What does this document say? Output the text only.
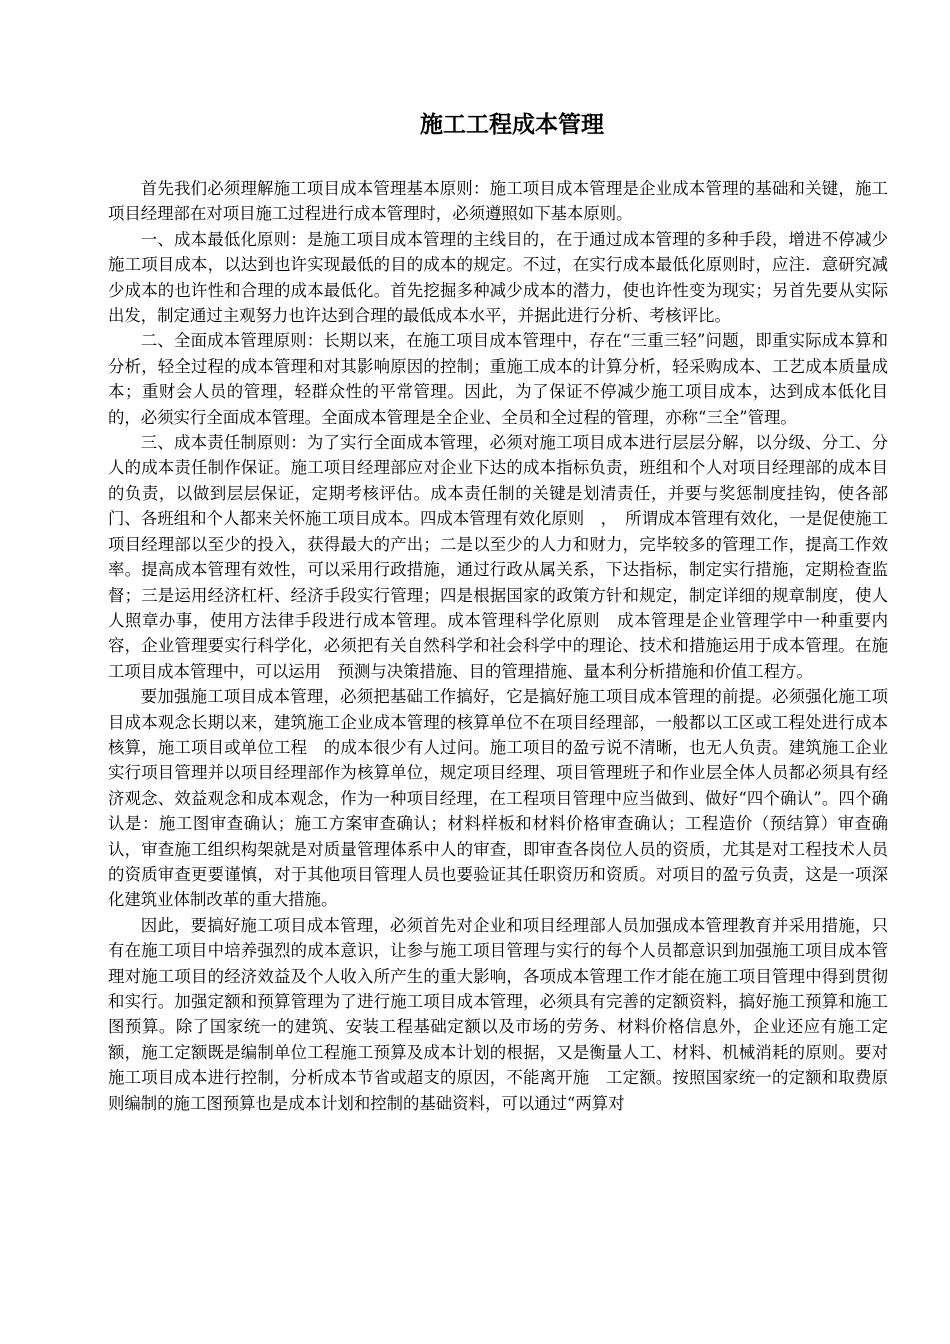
施工工程成本管理

首先我们必须理解施工项目成本管理基本原则：施工项目成本管理是企业成本管理的基础和关键，施工项目经理部在对项目施工过程进行成本管理时，必须遵照如下基本原则。

一、成本最低化原则：是施工项目成本管理的主线目的，在于通过成本管理的多种手段，增进不停减少施工项目成本，以达到也许实现最低的目的成本的规定。不过，在实行成本最低化原则时，应注．意研究减少成本的也许性和合理的成本最低化。首先挖掘多种减少成本的潜力，使也许性变为现实；另首先要从实际出发，制定通过主观努力也许达到合理的最低成本水平，并据此进行分析、考核评比。

二、全面成本管理原则：长期以来，在施工项目成本管理中，存在“三重三轻”问题，即重实际成本算和分析，轻全过程的成本管理和对其影响原因的控制；重施工成本的计算分析，轻采购成本、工艺成本质量成本；重财会人员的管理，轻群众性的平常管理。因此，为了保证不停减少施工项目成本，达到成本低化目的，必须实行全面成本管理。全面成本管理是全企业、全员和全过程的管理，亦称“三全”管理。

三、成本责任制原则：为了实行全面成本管理，必须对施工项目成本进行层层分解，以分级、分工、分人的成本责任制作保证。施工项目经理部应对企业下达的成本指标负责，班组和个人对项目经理部的成本目的负责，以做到层层保证，定期考核评估。成本责任制的关键是划清责任，并要与奖惩制度挂钩，使各部门、各班组和个人都来关怀施工项目成本。四成本管理有效化原则　，　所谓成本管理有效化，一是促使施工项目经理部以至少的投入，获得最大的产出；二是以至少的人力和财力，完毕较多的管理工作，提高工作效率。提高成本管理有效性，可以采用行政措施，通过行政从属关系，下达指标，制定实行措施，定期检查监督；三是运用经济杠杆、经济手段实行管理；四是根据国家的政策方针和规定，制定详细的规章制度，使人人照章办事，使用方法律手段进行成本管理。成本管理科学化原则　成本管理是企业管理学中一种重要内容，企业管理要实行科学化，必须把有关自然科学和社会科学中的理论、技术和措施运用于成本管理。在施工项目成本管理中，可以运用　预测与决策措施、目的管理措施、量本利分析措施和价值工程方。

要加强施工项目成本管理，必须把基础工作搞好，它是搞好施工项目成本管理的前提。必须强化施工项目成本观念长期以来，建筑施工企业成本管理的核算单位不在项目经理部，一般都以工区或工程处进行成本核算，施工项目或单位工程　的成本很少有人过问。施工项目的盈亏说不清晰，也无人负责。建筑施工企业实行项目管理并以项目经理部作为核算单位，规定项目经理、项目管理班子和作业层全体人员都必须具有经济观念、效益观念和成本观念，作为一种项目经理，在工程项目管理中应当做到、做好“四个确认”。四个确认是：施工图审查确认；施工方案审查确认；材料样板和材料价格审查确认；工程造价（预结算）审查确认，审查施工组织构架就是对质量管理体系中人的审查，即审查各岗位人员的资质，尤其是对工程技术人员的资质审查更要谨慎，对于其他项目管理人员也要验证其任职资历和资质。对项目的盈亏负责，这是一项深化建筑业体制改革的重大措施。

因此，要搞好施工项目成本管理，必须首先对企业和项目经理部人员加强成本管理教育并采用措施，只有在施工项目中培养强烈的成本意识，让参与施工项目管理与实行的每个人员都意识到加强施工项目成本管理对施工项目的经济效益及个人收入所产生的重大影响，各项成本管理工作才能在施工项目管理中得到贯彻和实行。加强定额和预算管理为了进行施工项目成本管理，必须具有完善的定额资料，搞好施工预算和施工图预算。除了国家统一的建筑、安装工程基础定额以及市场的劳务、材料价格信息外，企业还应有施工定额，施工定额既是编制单位工程施工预算及成本计划的根据，又是衡量人工、材料、机械消耗的原则。要对施工项目成本进行控制，分析成本节省或超支的原因，不能离开施　工定额。按照国家统一的定额和取费原则编制的施工图预算也是成本计划和控制的基础资料，可以通过“两算对
